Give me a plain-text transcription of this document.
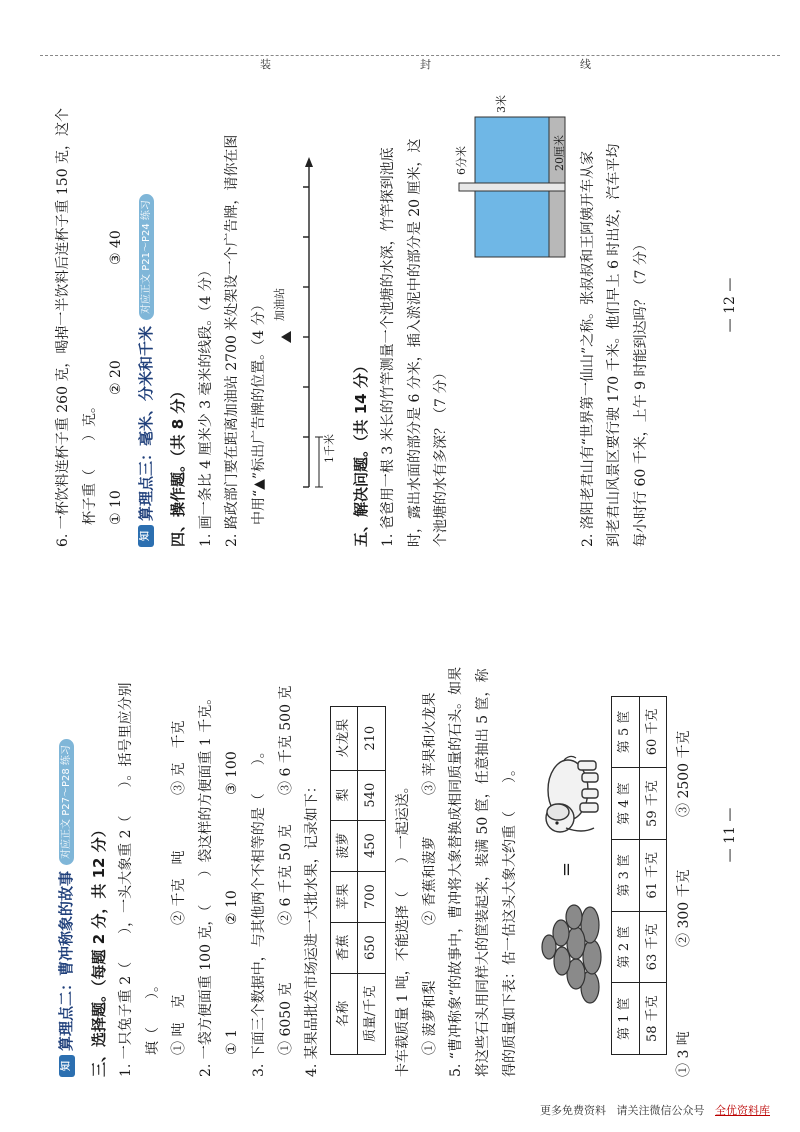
知算理点二：曹冲称象的故事对应正文 P27～P28 练习
三、选择题。（每题 2 分，共 12 分） 1. 一只兔子重 2（　　），一头大象重 2（　　）。括号里应分别 填（　　）。 ① 吨　克② 千克　吨③ 克　千克 2. 一袋方便面重 100 克，（　　）袋这样的方便面重 1 千克。 ① 1② 10③ 100 3. 下面三个数据中，与其他两个不相等的是（　　）。 ① 6050 克② 6 千克 50 克③ 6 千克 500 克
4. 某果品批发市场运进一大批水果，记录如下：	名称	香蕉	苹果	菠萝	梨	火龙果
质量/千克	650	700	450	540	210
卡车载质量 1 吨，不能选择（　　）一起运送。 ① 菠萝和梨② 香蕉和菠萝③ 苹果和火龙果 5. “曹冲称象”的故事中，曹冲将大象替换成相同质量的石头。如果 将这些石头用同样大的筐装起来，装满 50 筐，任意抽出 5 筐，称 得的质量如下表：估一估这头大象大约重（　　）。	=
第 1 筐	第 2 筐	第 3 筐	第 4 筐	第 5 筐
58 千克	63 千克	61 千克	59 千克	60 千克
① 3 吨② 300 千克③ 2500 千克
— 11 —
6. 一杯饮料连杯子重 260 克，喝掉一半饮料后连杯子重 150 克，这个 杯子重（　　）克。 ① 10② 20③ 40
知算理点三：毫米、分米和千米对应正文 P21～P24 练习
四、操作题。（共 8 分） 1. 画一条比 4 厘米少 3 毫米的线段。（4 分） 2. 路政部门要在距离加油站 2700 米处架设一个广告牌，请你在图 中用“▲”标出广告牌的位置。（4 分）	1千米
加油站
五、解决问题。（共 14 分） 1. 爸爸用一根 3 米长的竹竿测量一个池塘的水深，竹竿探到池底 时，露出水面的部分是 6 分米，插入淤泥中的部分是 20 厘米，这 个池塘的水有多深？（7 分）
6分米	20厘米
3米
2. 洛阳老君山有“世界第一仙山”之称。张叔叔和王阿姨开车从家 到老君山风景区要行驶 170 千米。他们早上 6 时出发，汽车平均 每小时行 60 千米，上午 9 时能到达吗？（7 分）	— 12 —
装	封	线
更多免费资料 请关注微信公众号 全优资料库
